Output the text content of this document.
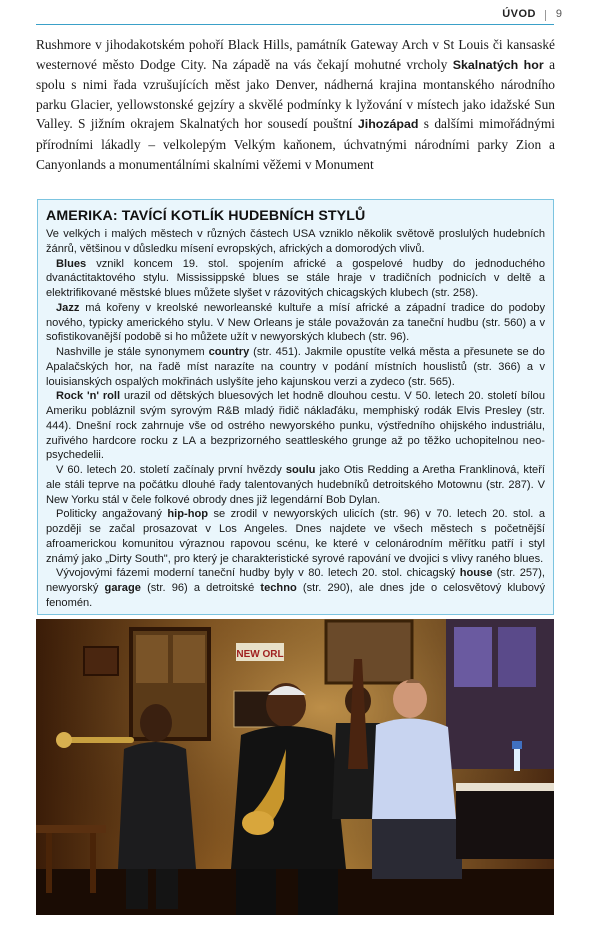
ÚVOD 9

Rushmore v jihodakotském pohoří Black Hills, památník Gateway Arch v St Louis či kansaské westernové město Dodge City. Na západě na vás čekají mohutné vrcholy Skalnatých hor a spolu s nimi řada vzrušujících měst jako Denver, nádherná krajina montanského národního parku Glacier, yellowstonské gejzíry a skvělé podmínky k lyžování v místech jako idažské Sun Valley. S jižním okrajem Skalnatých hor sousedí pouštní Jihozápad s dalšími mimořádnými přírodními lákadly – velkolepým Velkým kaňonem, úchvatnými národními parky Zion a Canyonlands a monumentálními skalními věžemi v Monument

AMERIKA: TAVÍCÍ KOTLÍK HUDEBNÍCH STYLŮ

Ve velkých i malých městech v různých částech USA vzniklo několik světově proslulých hudebních žánrů, většinou v důsledku mísení evropských, afrických a domorodých vlivů.

Blues vznikl koncem 19. stol. spojením africké a gospelové hudby do jednoduchého dvanáctitaktového stylu. Mississippské blues se stále hraje v tradičních podnicích v deltě a elektrifikované městské blues můžete slyšet v rázovitých chicagských klubech (str. 258).

Jazz má kořeny v kreolské neworleanské kultuře a mísí africké a západní tradice do podoby nového, typicky amerického stylu. V New Orleans je stále považován za taneční hudbu (str. 560) a v sofistikovanější podobě si ho můžete užít v newyorských klubech (str. 96).

Nashville je stále synonymem country (str. 451). Jakmile opustíte velká města a přesunete se do Apalačských hor, na řadě míst narazíte na country v podání místních houslistů (str. 366) a v louisianských ospalých mokřinách uslyšíte jeho kajunskou verzi a zydeco (str. 565).

Rock 'n' roll urazil od dětských bluesových let hodně dlouhou cestu. V 50. letech 20. století bílou Ameriku pobláznil svým syrovým R&B mladý řidič náklaďáku, memphiský rodák Elvis Presley (str. 444). Dnešní rock zahrnuje vše od ostrého newyorského punku, výstředního ohijského industriálu, zuřivého hardcore rocku z LA a bezprizorného seattleského grunge až po těžko uchopitelnou neo-psychedelii.

V 60. letech 20. století začínaly první hvězdy soulu jako Otis Redding a Aretha Franklinová, kteří ale stáli teprve na počátku dlouhé řady talentovaných hudebníků detroitského Motownu (str. 287). V New Yorku stál v čele folkové obrody dnes již legendární Bob Dylan.

Politicky angažovaný hip-hop se zrodil v newyorských ulicích (str. 96) v 70. letech 20. stol. a později se začal prosazovat v Los Angeles. Dnes najdete ve všech městech s početnější afroamerickou komunitou výraznou rapovou scénu, ke které v celonárodním měřítku patří i styl známý jako „Dirty South", pro který je charakteristické syrové rapování ve dvojici s vlivy raného blues.

Vývojovými fázemi moderní taneční hudby byly v 80. letech 20. stol. chicagský house (str. 257), newyorský garage (str. 96) a detroitské techno (str. 290), ale dnes jde o celosvětový klubový fenomén.

NEW ORL
